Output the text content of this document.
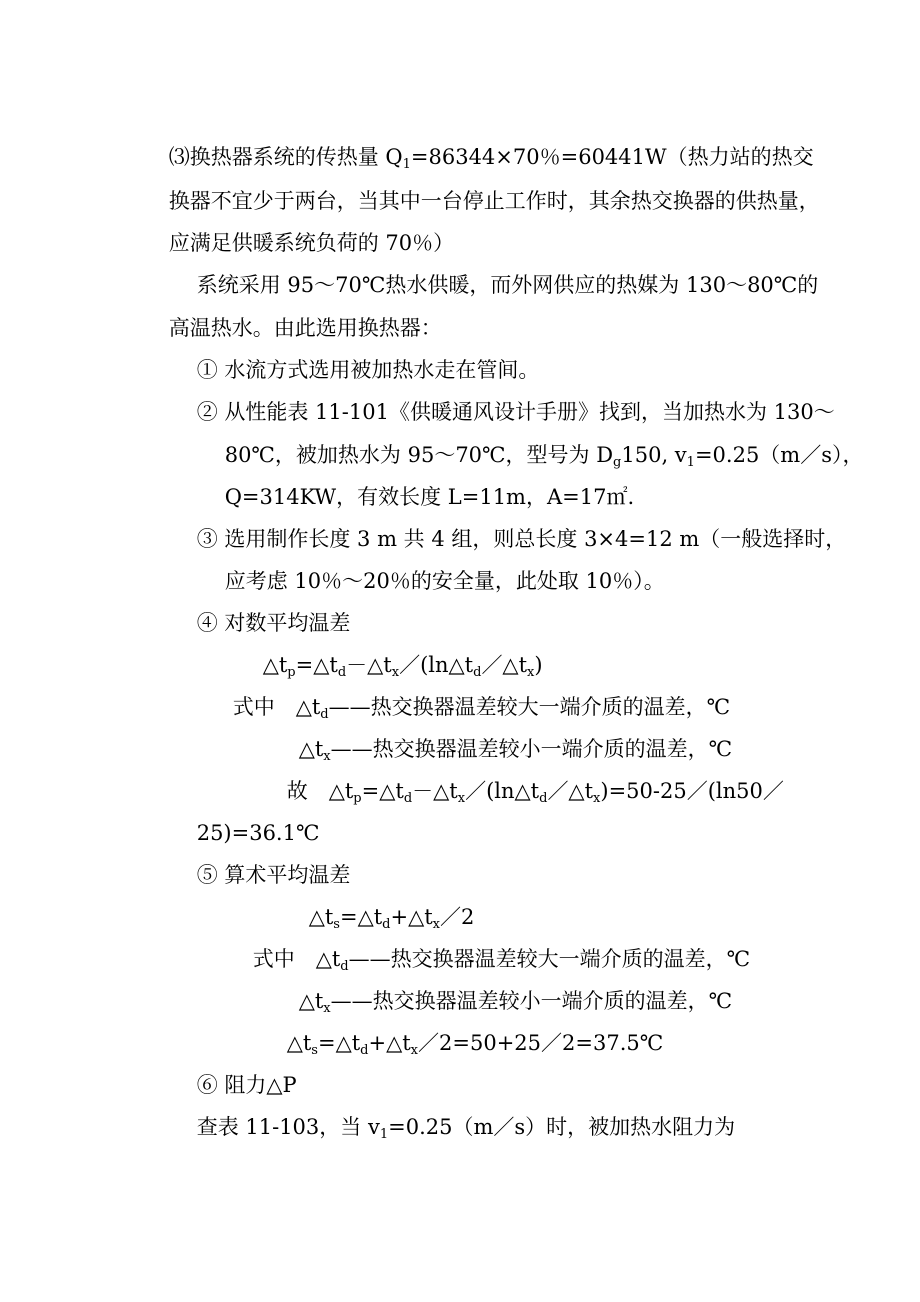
⑶换热器系统的传热量 $Q_1=86344\times 70$％=60441W（热力站的热交

换器不宜少于两台，当其中一台停止工作时，其余热交换器的供热量，

应满足供暖系统负荷的 70％）

系统采用 95～70℃热水供暖，而外网供应的热媒为 130～80℃的

高温热水。由此选用换热器：

① 水流方式选用被加热水走在管间。

② 从性能表 11-101《供暖通风设计手册》找到，当加热水为 130～

80℃，被加热水为 95～70℃，型号为 $D_g150$, $v_1=0.25(m/s)$，

Q=314KW，有效长度 L=11m，A=17㎡.

③ 选用制作长度 3 m 共 4 组，则总长度 3×4=12 m（一般选择时，

应考虑 10％～20％的安全量，此处取 10％）。

④ 对数平均温差

$\triangle t_p=\triangle t_d-\triangle t_x/(\ln\triangle t_d/\triangle t_x)$

式中　$\triangle t_d——$热交换器温差较大一端介质的温差，℃

$\triangle t_x——$热交换器温差较小一端介质的温差，℃

故　$\triangle t_p=\triangle t_d-\triangle t_x/(\ln\triangle t_d/\triangle t_x)=50-25/(\ln 50/$

25)=36.1℃

⑤ 算术平均温差

$\triangle t_s=\triangle t_d+\triangle t_x/2$

式中　$\triangle t_d——$热交换器温差较大一端介质的温差，℃

$\triangle t_x——$热交换器温差较小一端介质的温差，℃

$\triangle t_s=\triangle t_d+\triangle t_x/2=50+25/2=37.5℃$

⑥ 阻力△P

查表 11-103，当 $v_1=0.25(m/s)$时，被加热水阻力为
